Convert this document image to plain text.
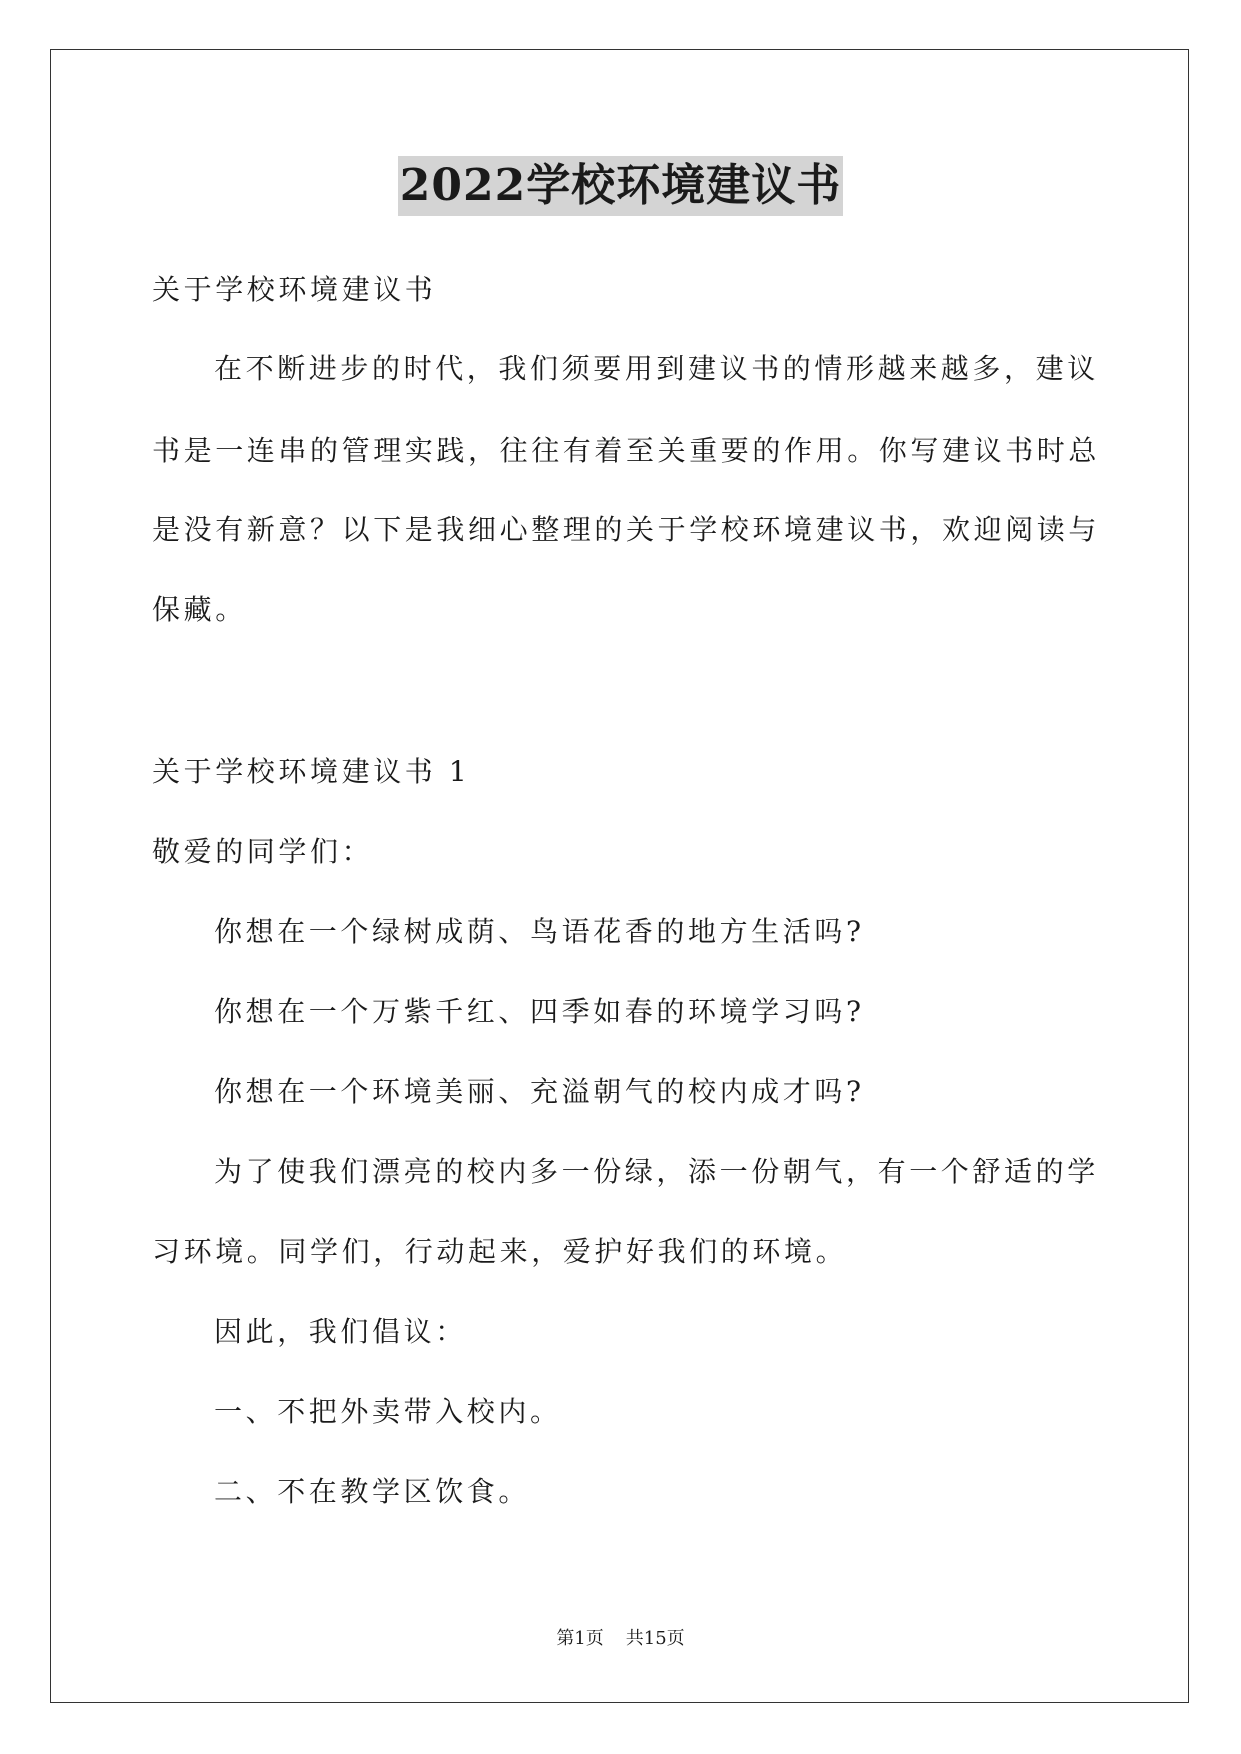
2022学校环境建议书
关于学校环境建议书
在不断进步的时代，我们须要用到建议书的情形越来越多，建议
书是一连串的管理实践，往往有着至关重要的作用。你写建议书时总
是没有新意？以下是我细心整理的关于学校环境建议书，欢迎阅读与
保藏。
关于学校环境建议书 1
敬爱的同学们：
你想在一个绿树成荫、鸟语花香的地方生活吗?
你想在一个万紫千红、四季如春的环境学习吗?
你想在一个环境美丽、充溢朝气的校内成才吗?
为了使我们漂亮的校内多一份绿，添一份朝气，有一个舒适的学
习环境。同学们，行动起来，爱护好我们的环境。
因此，我们倡议：
一、不把外卖带入校内。
二、不在教学区饮食。
第1页 共15页
